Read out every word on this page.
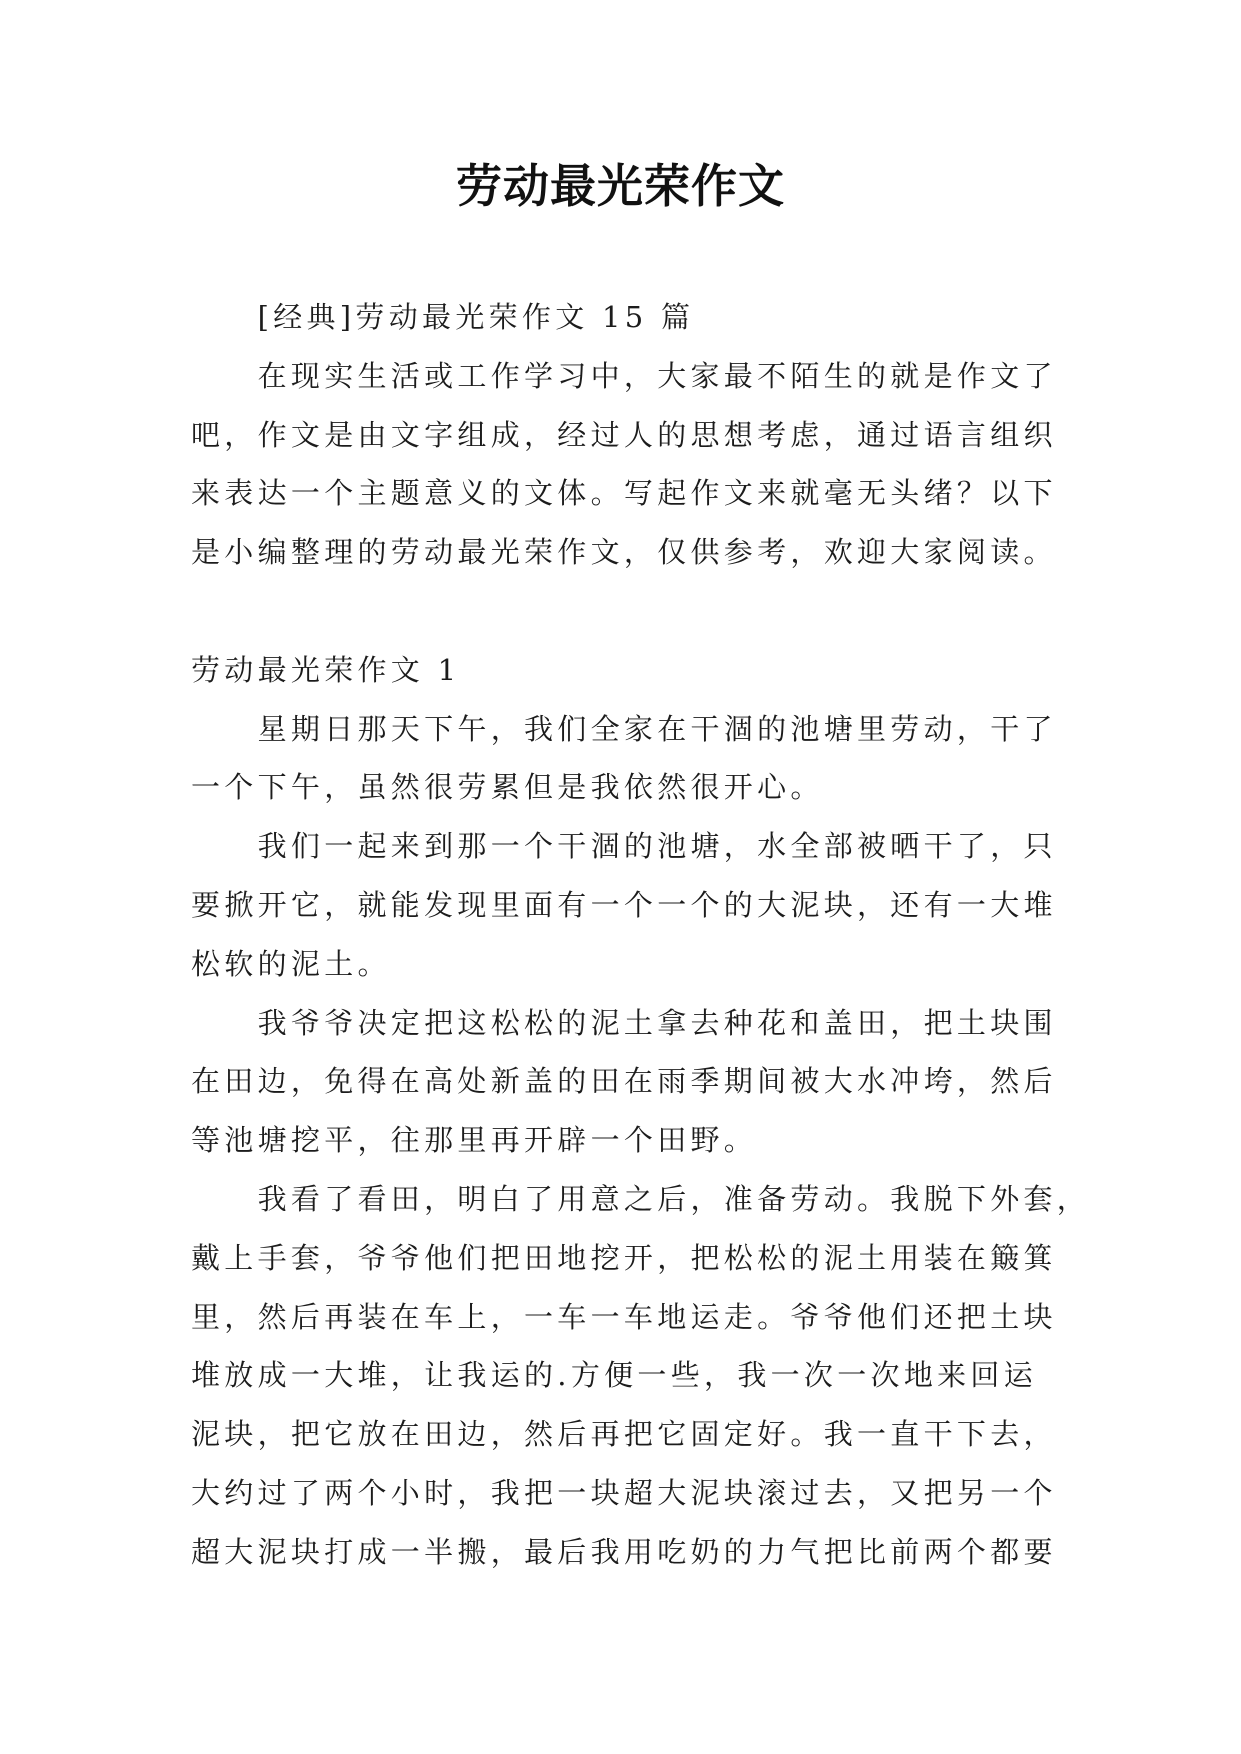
劳动最光荣作文
[经典]劳动最光荣作文 15 篇
在现实生活或工作学习中，大家最不陌生的就是作文了
吧，作文是由文字组成，经过人的思想考虑，通过语言组织
来表达一个主题意义的文体。写起作文来就毫无头绪？以下
是小编整理的劳动最光荣作文，仅供参考，欢迎大家阅读。
劳动最光荣作文 1
星期日那天下午，我们全家在干涸的池塘里劳动，干了
一个下午，虽然很劳累但是我依然很开心。
我们一起来到那一个干涸的池塘，水全部被晒干了，只
要掀开它，就能发现里面有一个一个的大泥块，还有一大堆
松软的泥土。
我爷爷决定把这松松的泥土拿去种花和盖田，把土块围
在田边，免得在高处新盖的田在雨季期间被大水冲垮，然后
等池塘挖平，往那里再开辟一个田野。
我看了看田，明白了用意之后，准备劳动。我脱下外套，
戴上手套，爷爷他们把田地挖开，把松松的泥土用装在簸箕
里，然后再装在车上，一车一车地运走。爷爷他们还把土块
堆放成一大堆，让我运的.方便一些，我一次一次地来回运
泥块，把它放在田边，然后再把它固定好。我一直干下去，
大约过了两个小时，我把一块超大泥块滚过去，又把另一个
超大泥块打成一半搬，最后我用吃奶的力气把比前两个都要
